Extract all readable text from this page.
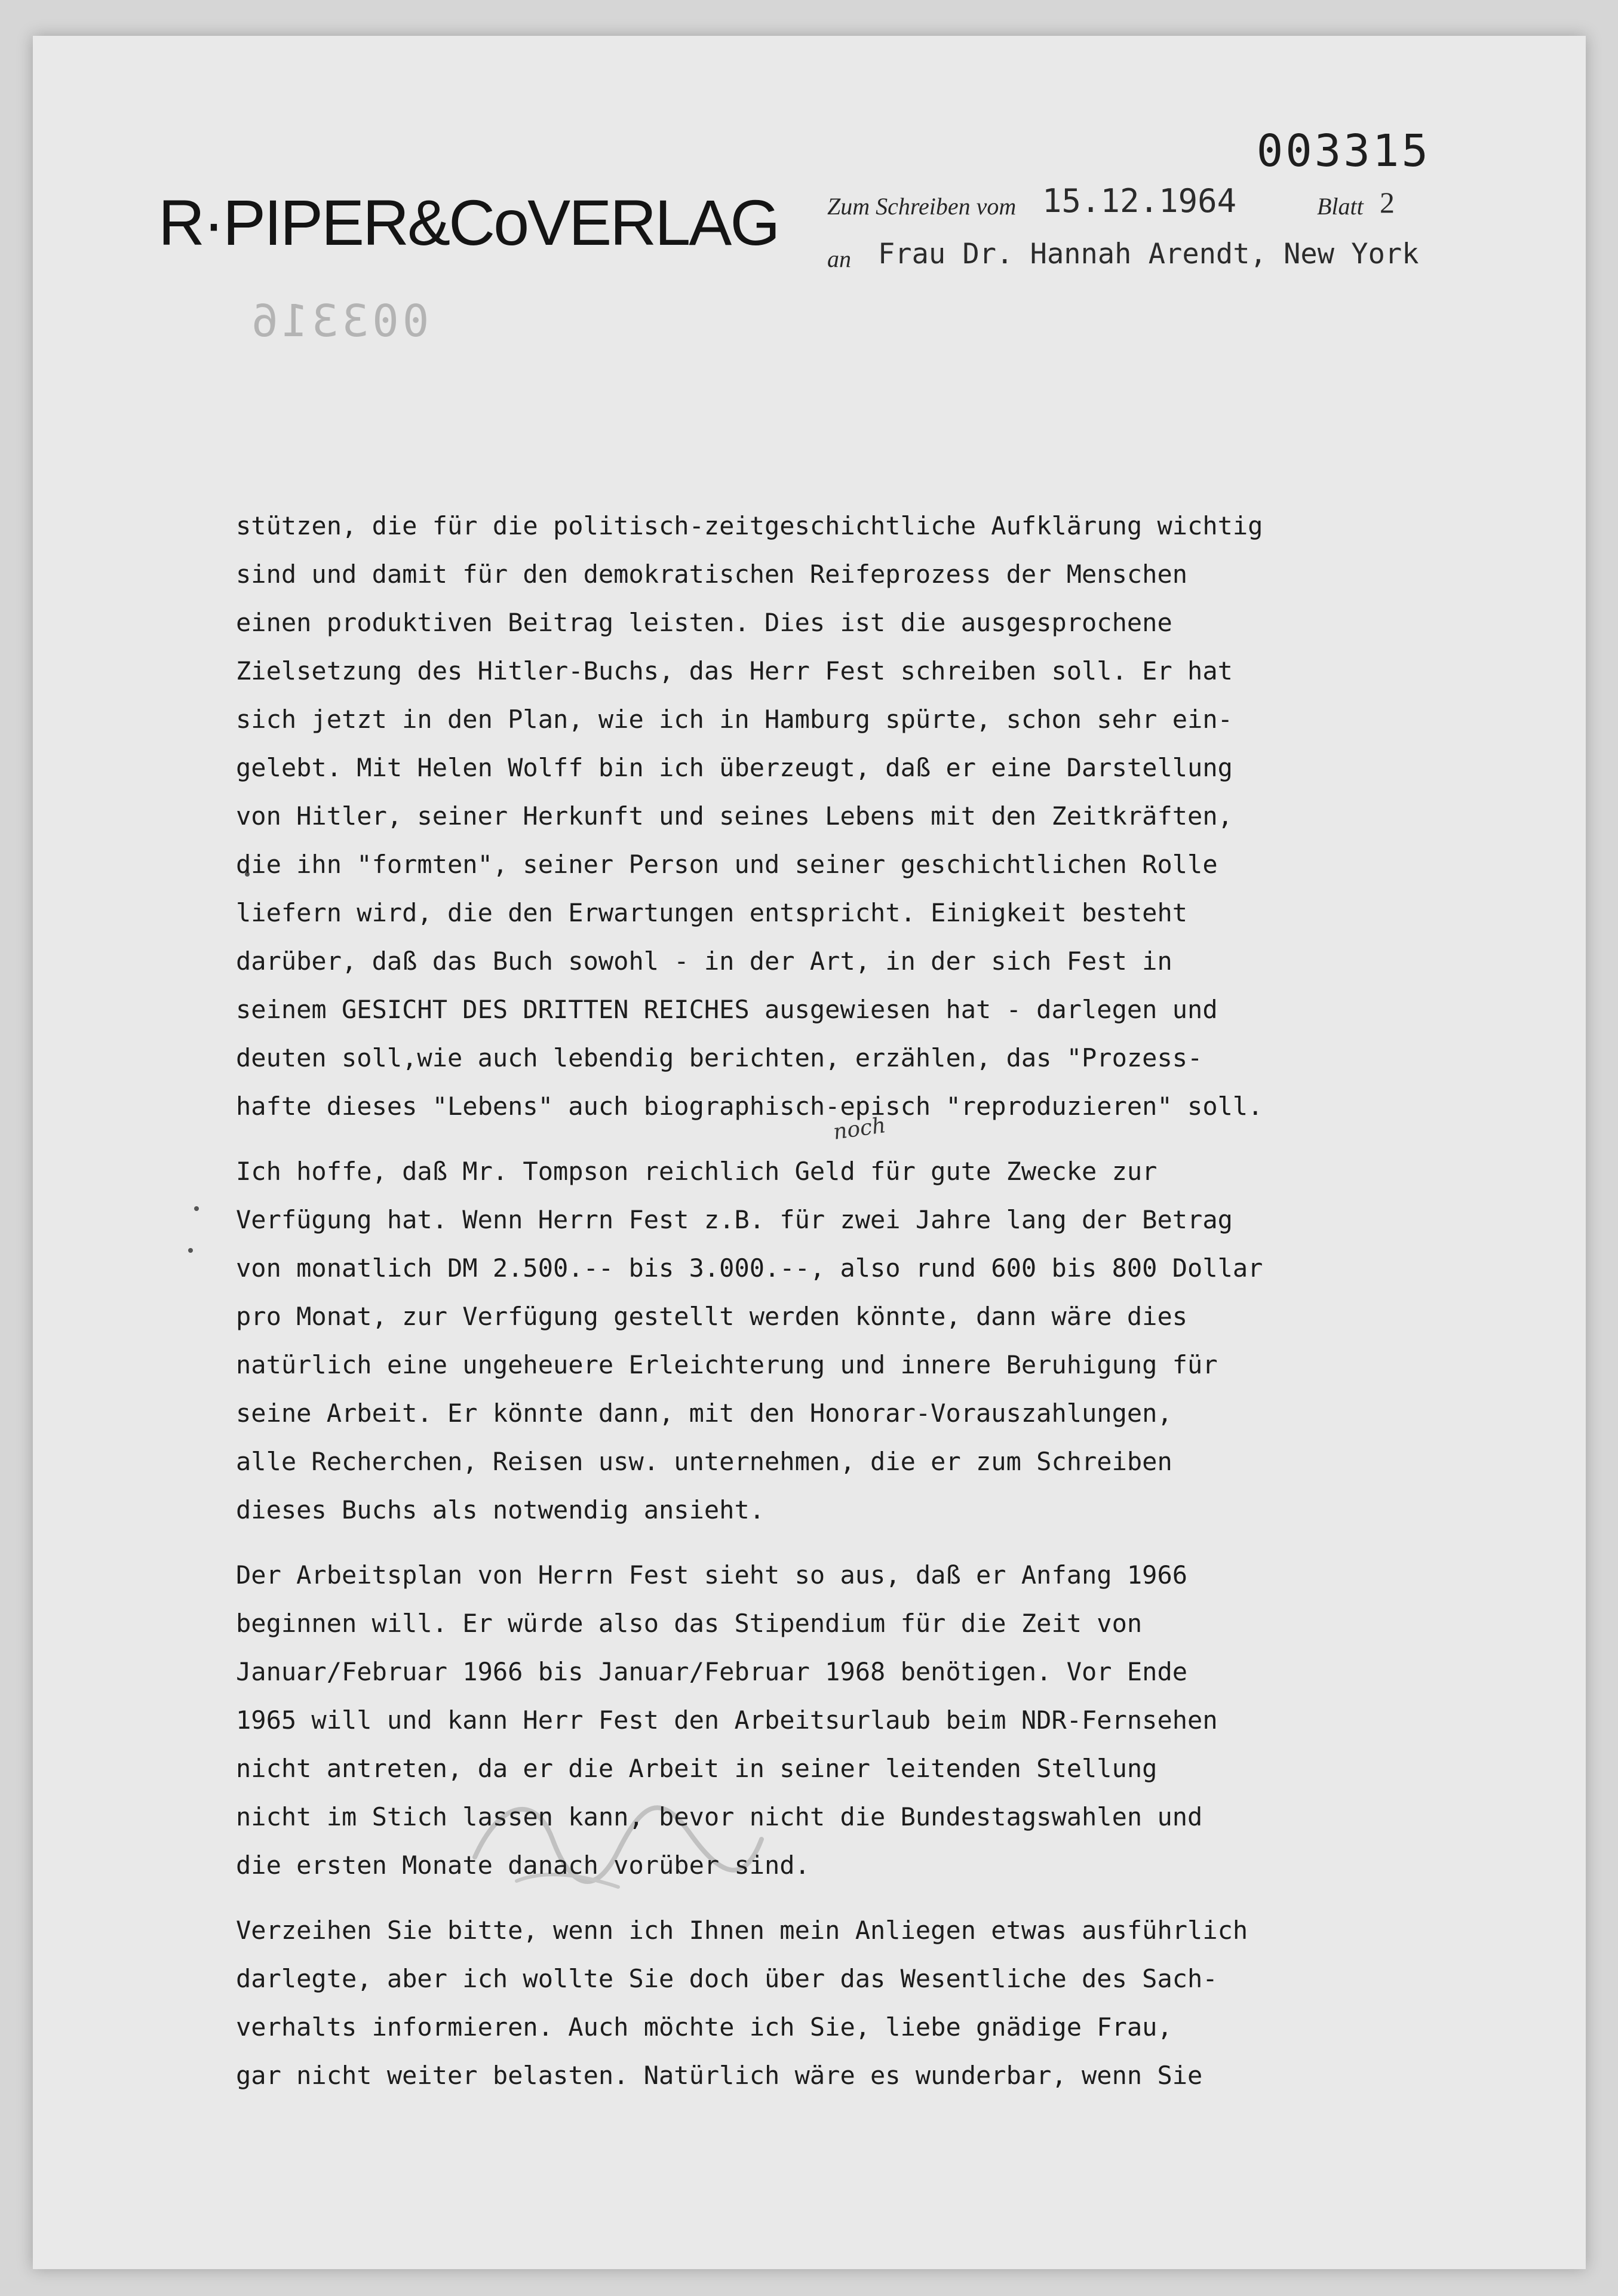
003315
R·PIPER&CoVERLAG
003316
Zum Schreiben vom 15.12.1964	Blatt 2
an Frau Dr. Hannah Arendt, New York
noch
stützen, die für die politisch-zeitgeschichtliche Aufklärung wichtig
sind und damit für den demokratischen Reifeprozess der Menschen
einen produktiven Beitrag leisten. Dies ist die ausgesprochene
Zielsetzung des Hitler-Buchs, das Herr Fest schreiben soll. Er hat
sich jetzt in den Plan, wie ich in Hamburg spürte, schon sehr ein-
gelebt. Mit Helen Wolff bin ich überzeugt, daß er eine Darstellung
von Hitler, seiner Herkunft und seines Lebens mit den Zeitkräften,
die ihn "formten", seiner Person und seiner geschichtlichen Rolle
liefern wird, die den Erwartungen entspricht. Einigkeit besteht
darüber, daß das Buch sowohl - in der Art, in der sich Fest in
seinem GESICHT DES DRITTEN REICHES ausgewiesen hat - darlegen und
deuten soll,wie auch lebendig berichten, erzählen, das "Prozess-
hafte dieses "Lebens" auch biographisch-episch "reproduzieren" soll.
Ich hoffe, daß Mr. Tompson reichlich Geld für gute Zwecke zur
Verfügung hat. Wenn Herrn Fest z.B. für zwei Jahre lang der Betrag
von monatlich DM 2.500.-- bis 3.000.--, also rund 600 bis 800 Dollar
pro Monat, zur Verfügung gestellt werden könnte, dann wäre dies
natürlich eine ungeheuere Erleichterung und innere Beruhigung für
seine Arbeit. Er könnte dann, mit den Honorar-Vorauszahlungen,
alle Recherchen, Reisen usw. unternehmen, die er zum Schreiben
dieses Buchs als notwendig ansieht.
Der Arbeitsplan von Herrn Fest sieht so aus, daß er Anfang 1966
beginnen will. Er würde also das Stipendium für die Zeit von
Januar/Februar 1966 bis Januar/Februar 1968 benötigen. Vor Ende
1965 will und kann Herr Fest den Arbeitsurlaub beim NDR-Fernsehen
nicht antreten, da er die Arbeit in seiner leitenden Stellung
nicht im Stich lassen kann, bevor nicht die Bundestagswahlen und
die ersten Monate danach vorüber sind.
Verzeihen Sie bitte, wenn ich Ihnen mein Anliegen etwas ausführlich
darlegte, aber ich wollte Sie doch über das Wesentliche des Sach-
verhalts informieren. Auch möchte ich Sie, liebe gnädige Frau,
gar nicht weiter belasten. Natürlich wäre es wunderbar, wenn Sie
